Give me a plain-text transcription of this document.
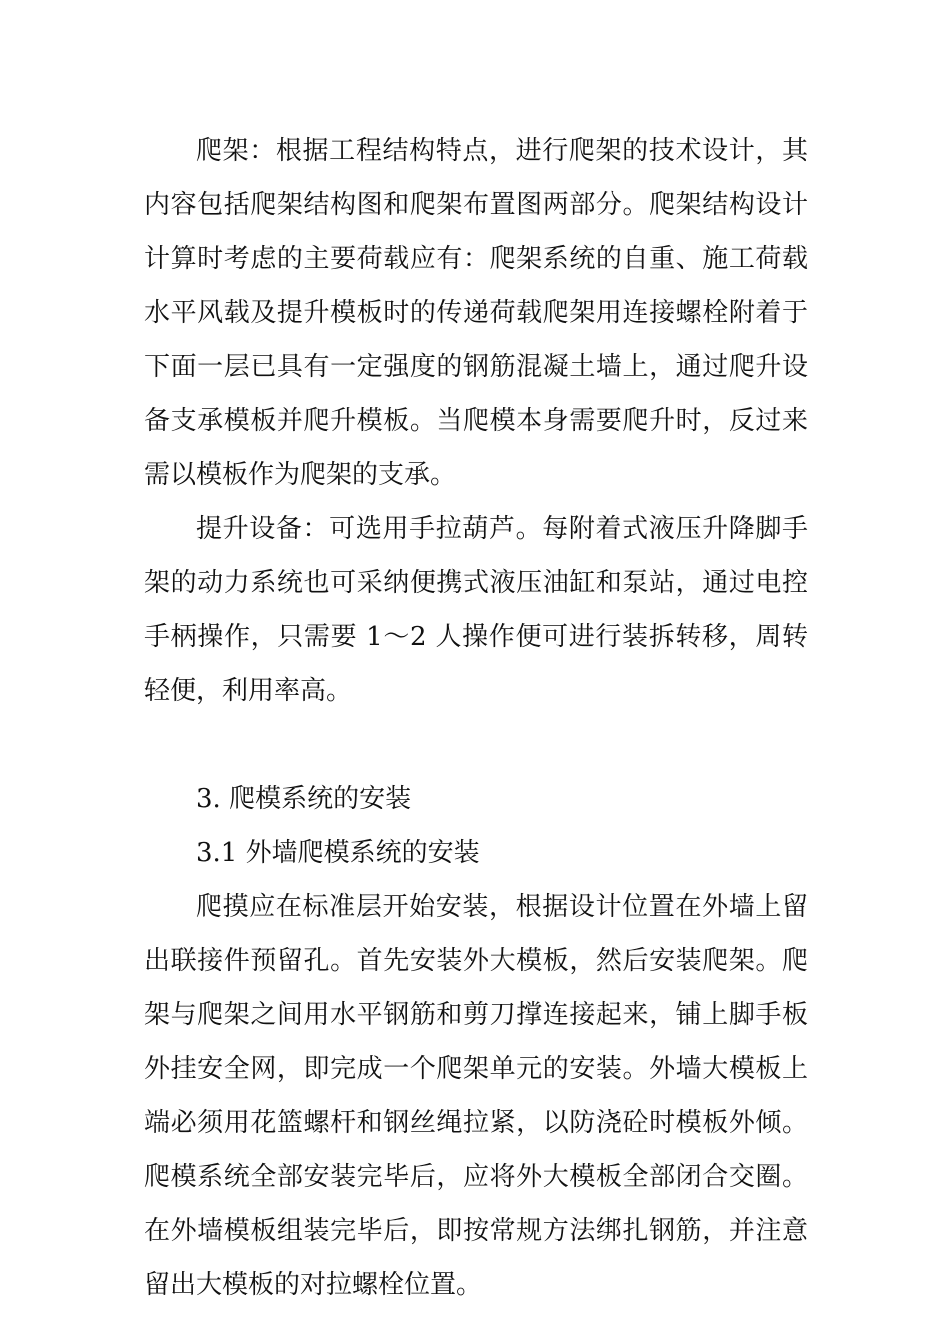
爬架：根据工程结构特点，进行爬架的技术设计，其内容包括爬架结构图和爬架布置图两部分。爬架结构设计计算时考虑的主要荷载应有：爬架系统的自重、施工荷载水平风载及提升模板时的传递荷载爬架用连接螺栓附着于下面一层已具有一定强度的钢筋混凝土墙上，通过爬升设备支承模板并爬升模板。当爬模本身需要爬升时，反过来需以模板作为爬架的支承。

提升设备：可选用手拉葫芦。每附着式液压升降脚手架的动力系统也可采纳便携式液压油缸和泵站，通过电控手柄操作，只需要 1～2 人操作便可进行装拆转移，周转轻便，利用率高。

3. 爬模系统的安装

3.1 外墙爬模系统的安装

爬摸应在标准层开始安装，根据设计位置在外墙上留出联接件预留孔。首先安装外大模板，然后安装爬架。爬架与爬架之间用水平钢筋和剪刀撑连接起来，铺上脚手板外挂安全网，即完成一个爬架单元的安装。外墙大模板上端必须用花篮螺杆和钢丝绳拉紧，以防浇砼时模板外倾。爬模系统全部安装完毕后，应将外大模板全部闭合交圈。在外墙模板组装完毕后，即按常规方法绑扎钢筋，并注意留出大模板的对拉螺栓位置。
